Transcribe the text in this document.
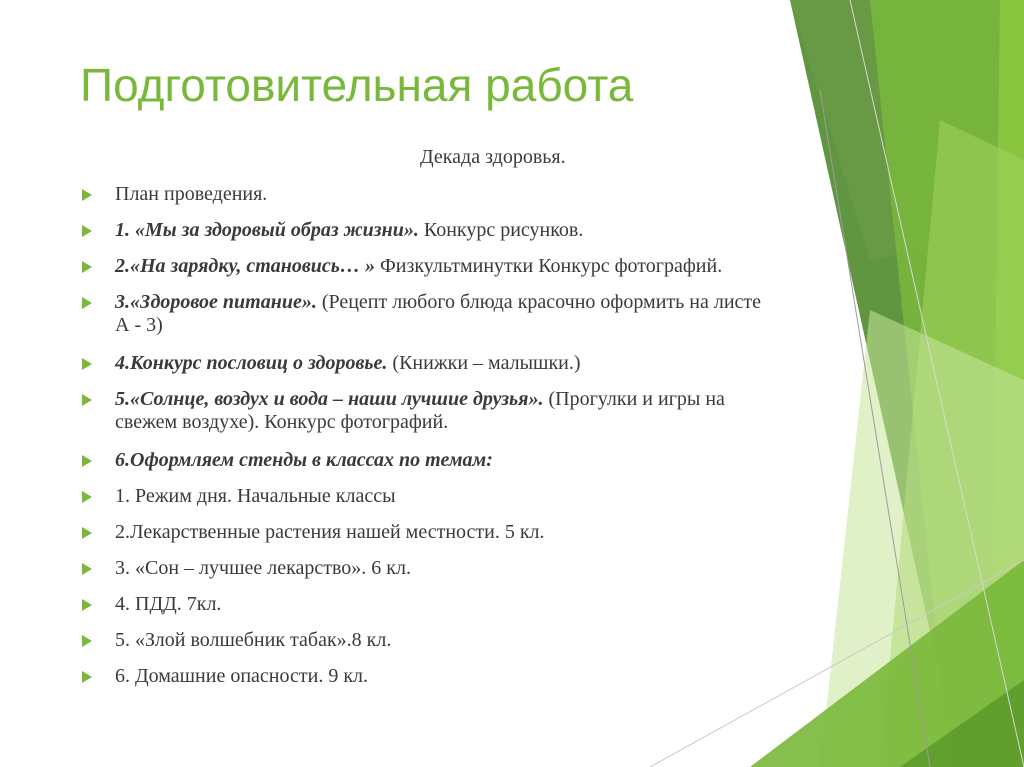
Подготовительная работа
Декада здоровья.
План проведения.
1. «Мы за здоровый образ жизни». Конкурс рисунков.
2.«На зарядку, становись… » Физкультминутки Конкурс фотографий.
3.«Здоровое питание». (Рецепт любого блюда красочно оформить на листе
А - 3)
4.Конкурс пословиц о здоровье. (Книжки – малышки.)
5.«Солнце, воздух и вода – наши лучшие друзья». (Прогулки и игры на
свежем воздухе). Конкурс фотографий.
6.Оформляем стенды в классах по темам:
1. Режим дня. Начальные классы
2.Лекарственные растения нашей местности. 5 кл.
3. «Сон – лучшее лекарство». 6 кл.
4. ПДД. 7кл.
5. «Злой волшебник табак».8 кл.
6. Домашние опасности. 9 кл.
